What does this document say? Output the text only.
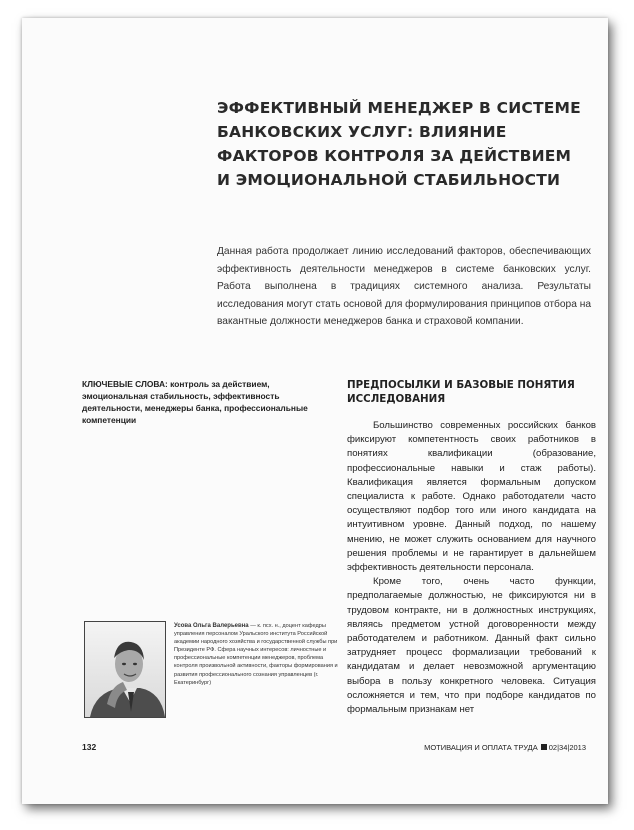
ЭФФЕКТИВНЫЙ МЕНЕДЖЕР В СИСТЕМЕ
БАНКОВСКИХ УСЛУГ: ВЛИЯНИЕ
ФАКТОРОВ КОНТРОЛЯ ЗА ДЕЙСТВИЕМ
И ЭМОЦИОНАЛЬНОЙ СТАБИЛЬНОСТИ

Данная работа продолжает линию исследований факторов, обеспечивающих эффективность деятельности менеджеров в системе банковских услуг. Работа выполнена в традициях системного анализа. Результаты исследования могут стать основой для формулирования принципов отбора на вакантные должности менеджеров банка и страховой компании.

КЛЮЧЕВЫЕ СЛОВА: контроль за действием, эмоциональная стабильность, эффективность деятельности, менеджеры банка, профессиональные компетенции

ПРЕДПОСЫЛКИ И БАЗОВЫЕ ПОНЯТИЯ ИССЛЕДОВАНИЯ

Большинство современных российских банков фиксируют компетентность своих работников в понятиях квалификации (образование, профессиональные навыки и стаж работы). Квалификация является формальным допуском специалиста к работе. Однако работодатели часто осуществляют подбор того или иного кандидата на интуитивном уровне. Данный подход, по нашему мнению, не может служить основанием для научного решения проблемы и не гарантирует в дальнейшем эффективность деятельности персонала.

Кроме того, очень часто функции, предполагаемые должностью, не фиксируются ни в трудовом контракте, ни в должностных инструкциях, являясь предметом устной договоренности между работодателем и работником. Данный факт сильно затрудняет процесс формализации требований к кандидатам и делает невозможной аргументацию выбора в пользу конкретного человека. Ситуация осложняется и тем, что при подборе кандидатов по формальным признакам нет

Усова Ольга Валерьевна — к. псх. н., доцент кафедры управления персоналом Уральского института Российской академии народного хозяйства и государственной службы при Президенте РФ. Сфера научных интересов: личностные и профессиональные компетенции менеджеров, проблема контроля произвольной активности, факторы формирования и развития профессионального сознания управленцев (г. Екатеринбург)

132	МОТИВАЦИЯ И ОПЛАТА ТРУДА 02|34|2013
